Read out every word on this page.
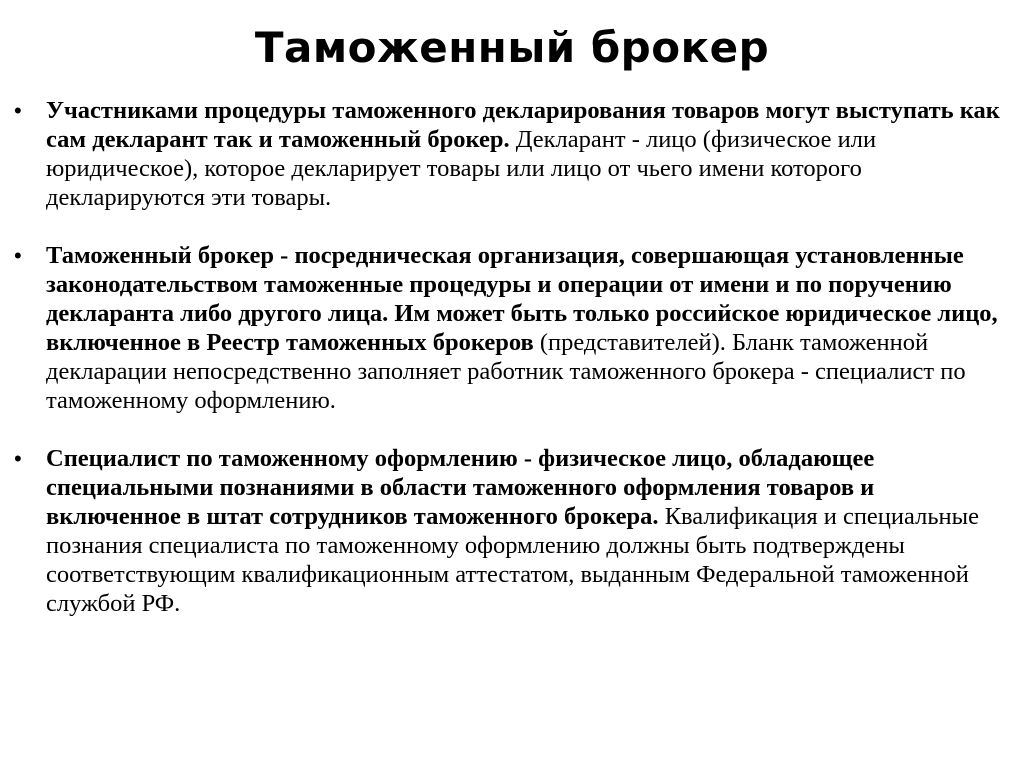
Таможенный брокер
• Участниками процедуры таможенного декларирования товаров могут выступать как сам декларант так и таможенный брокер. Декларант - лицо (физическое или юридическое), которое декларирует товары или лицо от чьего имени которого декларируются эти товары.

• Таможенный брокер - посредническая организация, совершающая установленные законодательством таможенные процедуры и операции от имени и по поручению декларанта либо другого лица. Им может быть только российское юридическое лицо, включенное в Реестр таможенных брокеров (представителей). Бланк таможенной декларации непосредственно заполняет работник таможенного брокера - специалист по таможенному оформлению.

• Специалист по таможенному оформлению - физическое лицо, обладающее специальными познаниями в области таможенного оформления товаров и включенное в штат сотрудников таможенного брокера. Квалификация и специальные познания специалиста по таможенному оформлению должны быть подтверждены соответствующим квалификационным аттестатом, выданным Федеральной таможенной службой РФ.
